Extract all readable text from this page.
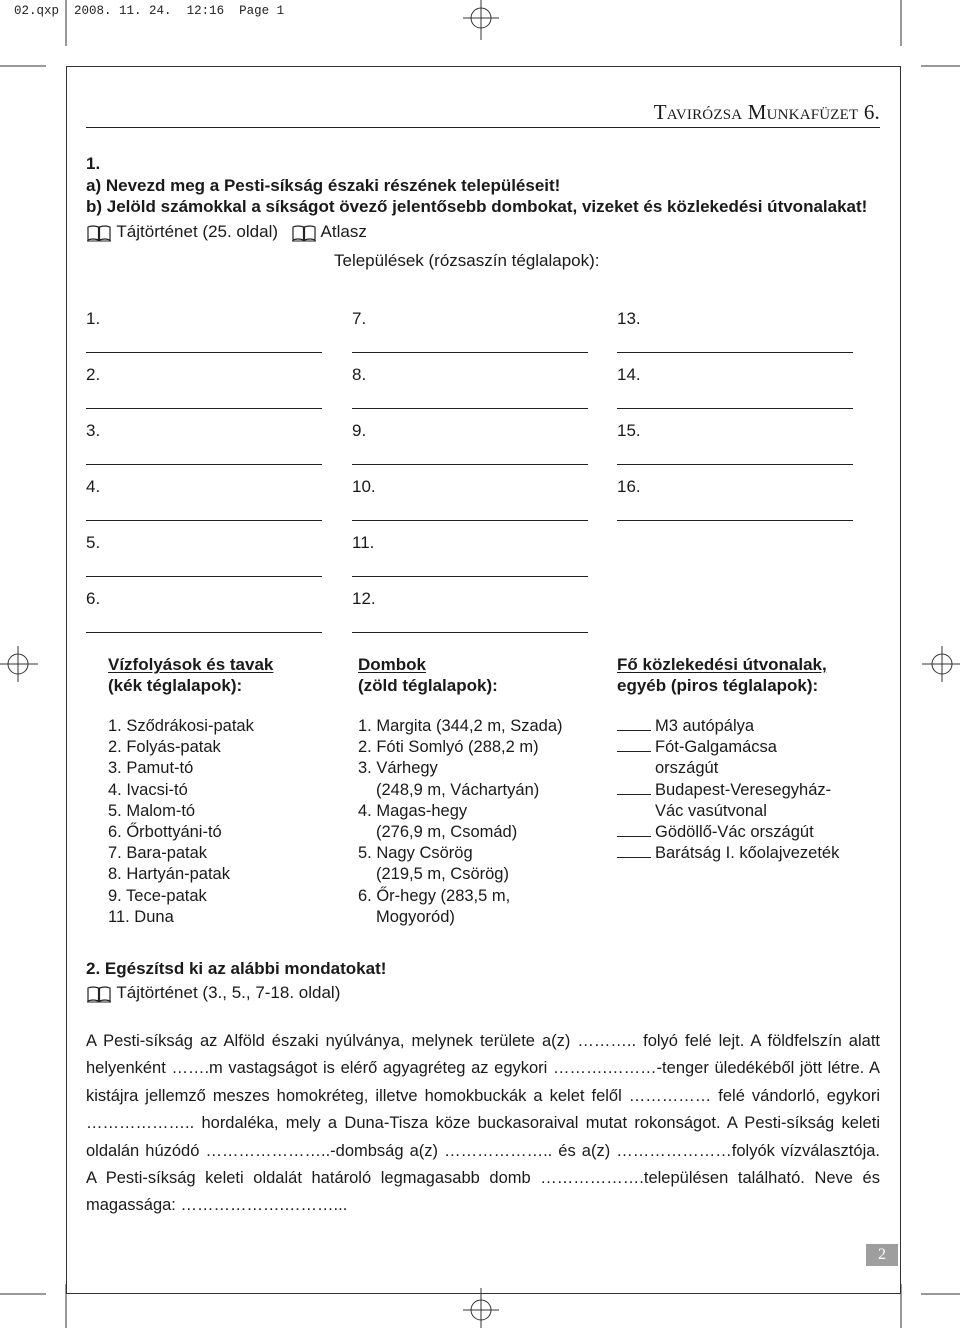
02.qxp 2008. 11. 24. 12:16 Page 1
Tavirózsa Munkafüzet 6.
1.
a) Nevezd meg a Pesti-síkság északi részének településeit!
b) Jelöld számokkal a síkságot övező jelentősebb dombokat, vizeket és közlekedési útvonalakat!
Tájtörténet (25. oldal)	Atlasz
Települések (rózsaszín téglalapok):
1.
2.
3.
4.
5.
6.
7.
8.
9.
10.
11.
12.
13.
14.
15.
16.
Vízfolyások és tavak
(kék téglalapok):
1. Sződrákosi-patak
2. Folyás-patak
3. Pamut-tó
4. Ivacsi-tó
5. Malom-tó
6. Őrbottyáni-tó
7. Bara-patak
8. Hartyán-patak
9. Tece-patak
11. Duna
Dombok
(zöld téglalapok):
1. Margita (344,2 m, Szada)
2. Fóti Somlyó (288,2 m)
3. Várhegy
(248,9 m, Váchartyán)
4. Magas-hegy
(276,9 m, Csomád)
5. Nagy Csörög
(219,5 m, Csörög)
6. Őr-hegy (283,5 m,
Mogyoród)
Fő közlekedési útvonalak,
egyéb (piros téglalapok):
M3 autópálya
Fót-Galgamácsa
országút
Budapest-Veresegyház-
Vác vasútvonal
Gödöllő-Vác országút
Barátság I. kőolajvezeték
2. Egészítsd ki az alábbi mondatokat!
Tájtörténet (3., 5., 7-18. oldal)
A Pesti-síkság az Alföld északi nyúlványa, melynek területe a(z) ……….. folyó felé lejt. A földfelszín alatt helyenként …….m vastagságot is elérő agyagréteg az egykori ……….………-tenger üledékéből jött létre. A kistájra jellemző meszes homokréteg, illetve homokbuckák a kelet felől …………… felé vándorló, egykori ……………….. hordaléka, mely a Duna-Tisza köze buckasoraival mutat rokonságot. A Pesti-síkság keleti oldalán húzódó …………………..-dombság a(z) ……………….. és a(z) …………………folyók vízválasztója. A Pesti-síkság keleti oldalát határoló legmagasabb domb ……………….településen található. Neve és magassága: ……………….………...
2
